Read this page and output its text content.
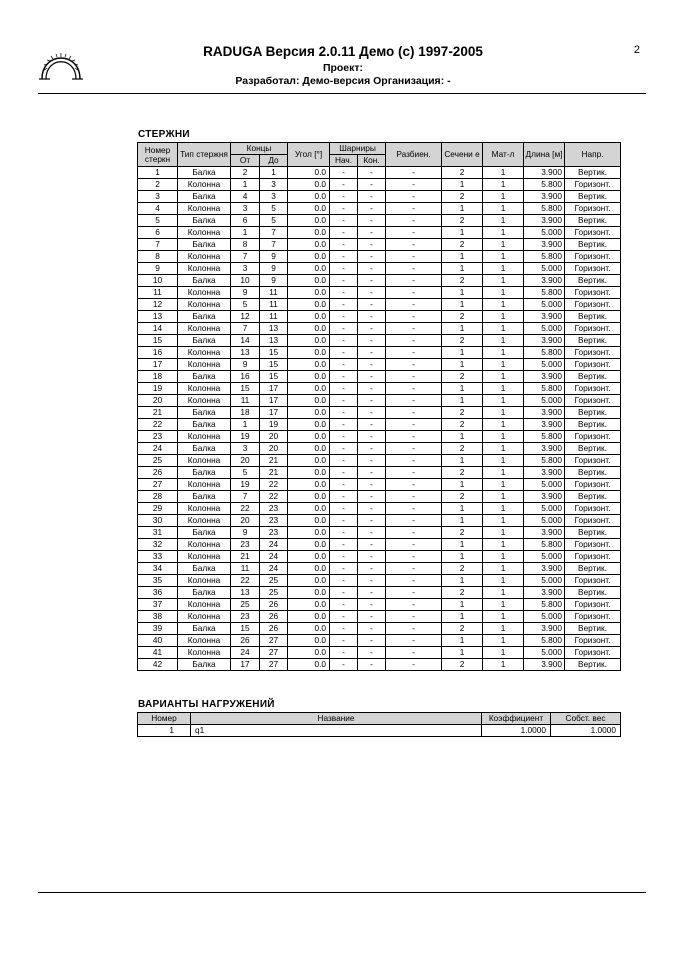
RADUGA Версия 2.0.11 Демо (c) 1997-2005
Проект:
Разработал: Демо-версия Организация: -
2
СТЕРЖНИ
Номер стеркн	Тип стержня	Концы		Угол [°]	Шарниры		Разбиен.	Сечени е	Мат-л	Длина [м]	Напр.
		От	До		Нач.	Кон.					
1	Балка	2	1	0.0	-	-	-	2	1	3.900	Вертик.
2	Колонна	1	3	0.0	-	-	-	1	1	5.800	Горизонт.
3	Балка	4	3	0.0	-	-	-	2	1	3.900	Вертик.
4	Колонна	3	5	0.0	-	-	-	1	1	5.800	Горизонт.
5	Балка	6	5	0.0	-	-	-	2	1	3.900	Вертик.
6	Колонна	1	7	0.0	-	-	-	1	1	5.000	Горизонт.
7	Балка	8	7	0.0	-	-	-	2	1	3.900	Вертик.
8	Колонна	7	9	0.0	-	-	-	1	1	5.800	Горизонт.
9	Колонна	3	9	0.0	-	-	-	1	1	5.000	Горизонт.
10	Балка	10	9	0.0	-	-	-	2	1	3.900	Вертик.
11	Колонна	9	11	0.0	-	-	-	1	1	5.800	Горизонт.
12	Колонна	5	11	0.0	-	-	-	1	1	5.000	Горизонт.
13	Балка	12	11	0.0	-	-	-	2	1	3.900	Вертик.
14	Колонна	7	13	0.0	-	-	-	1	1	5.000	Горизонт.
15	Балка	14	13	0.0	-	-	-	2	1	3.900	Вертик.
16	Колонна	13	15	0.0	-	-	-	1	1	5.800	Горизонт.
17	Колонна	9	15	0.0	-	-	-	1	1	5.000	Горизонт.
18	Балка	16	15	0.0	-	-	-	2	1	3.900	Вертик.
19	Колонна	15	17	0.0	-	-	-	1	1	5.800	Горизонт.
20	Колонна	11	17	0.0	-	-	-	1	1	5.000	Горизонт.
21	Балка	18	17	0.0	-	-	-	2	1	3.900	Вертик.
22	Балка	1	19	0.0	-	-	-	2	1	3.900	Вертик.
23	Колонна	19	20	0.0	-	-	-	1	1	5.800	Горизонт.
24	Балка	3	20	0.0	-	-	-	2	1	3.900	Вертик.
25	Колонна	20	21	0.0	-	-	-	1	1	5.800	Горизонт.
26	Балка	5	21	0.0	-	-	-	2	1	3.900	Вертик.
27	Колонна	19	22	0.0	-	-	-	1	1	5.000	Горизонт.
28	Балка	7	22	0.0	-	-	-	2	1	3.900	Вертик.
29	Колонна	22	23	0.0	-	-	-	1	1	5.000	Горизонт.
30	Колонна	20	23	0.0	-	-	-	1	1	5.000	Горизонт.
31	Балка	9	23	0.0	-	-	-	2	1	3.900	Вертик.
32	Колонна	23	24	0.0	-	-	-	1	1	5.800	Горизонт.
33	Колонна	21	24	0.0	-	-	-	1	1	5.000	Горизонт.
34	Балка	11	24	0.0	-	-	-	2	1	3.900	Вертик.
35	Колонна	22	25	0.0	-	-	-	1	1	5.000	Горизонт.
36	Балка	13	25	0.0	-	-	-	2	1	3.900	Вертик.
37	Колонна	25	26	0.0	-	-	-	1	1	5.800	Горизонт.
38	Колонна	23	26	0.0	-	-	-	1	1	5.000	Горизонт.
39	Балка	15	26	0.0	-	-	-	2	1	3.900	Вертик.
40	Колонна	26	27	0.0	-	-	-	1	1	5.800	Горизонт.
41	Колонна	24	27	0.0	-	-	-	1	1	5.000	Горизонт.
42	Балка	17	27	0.0	-	-	-	2	1	3.900	Вертик.
ВАРИАНТЫ НАГРУЖЕНИЙ
Номер	Название	Коэффициент	Собст. вес
1	q1	1.0000	1.0000
